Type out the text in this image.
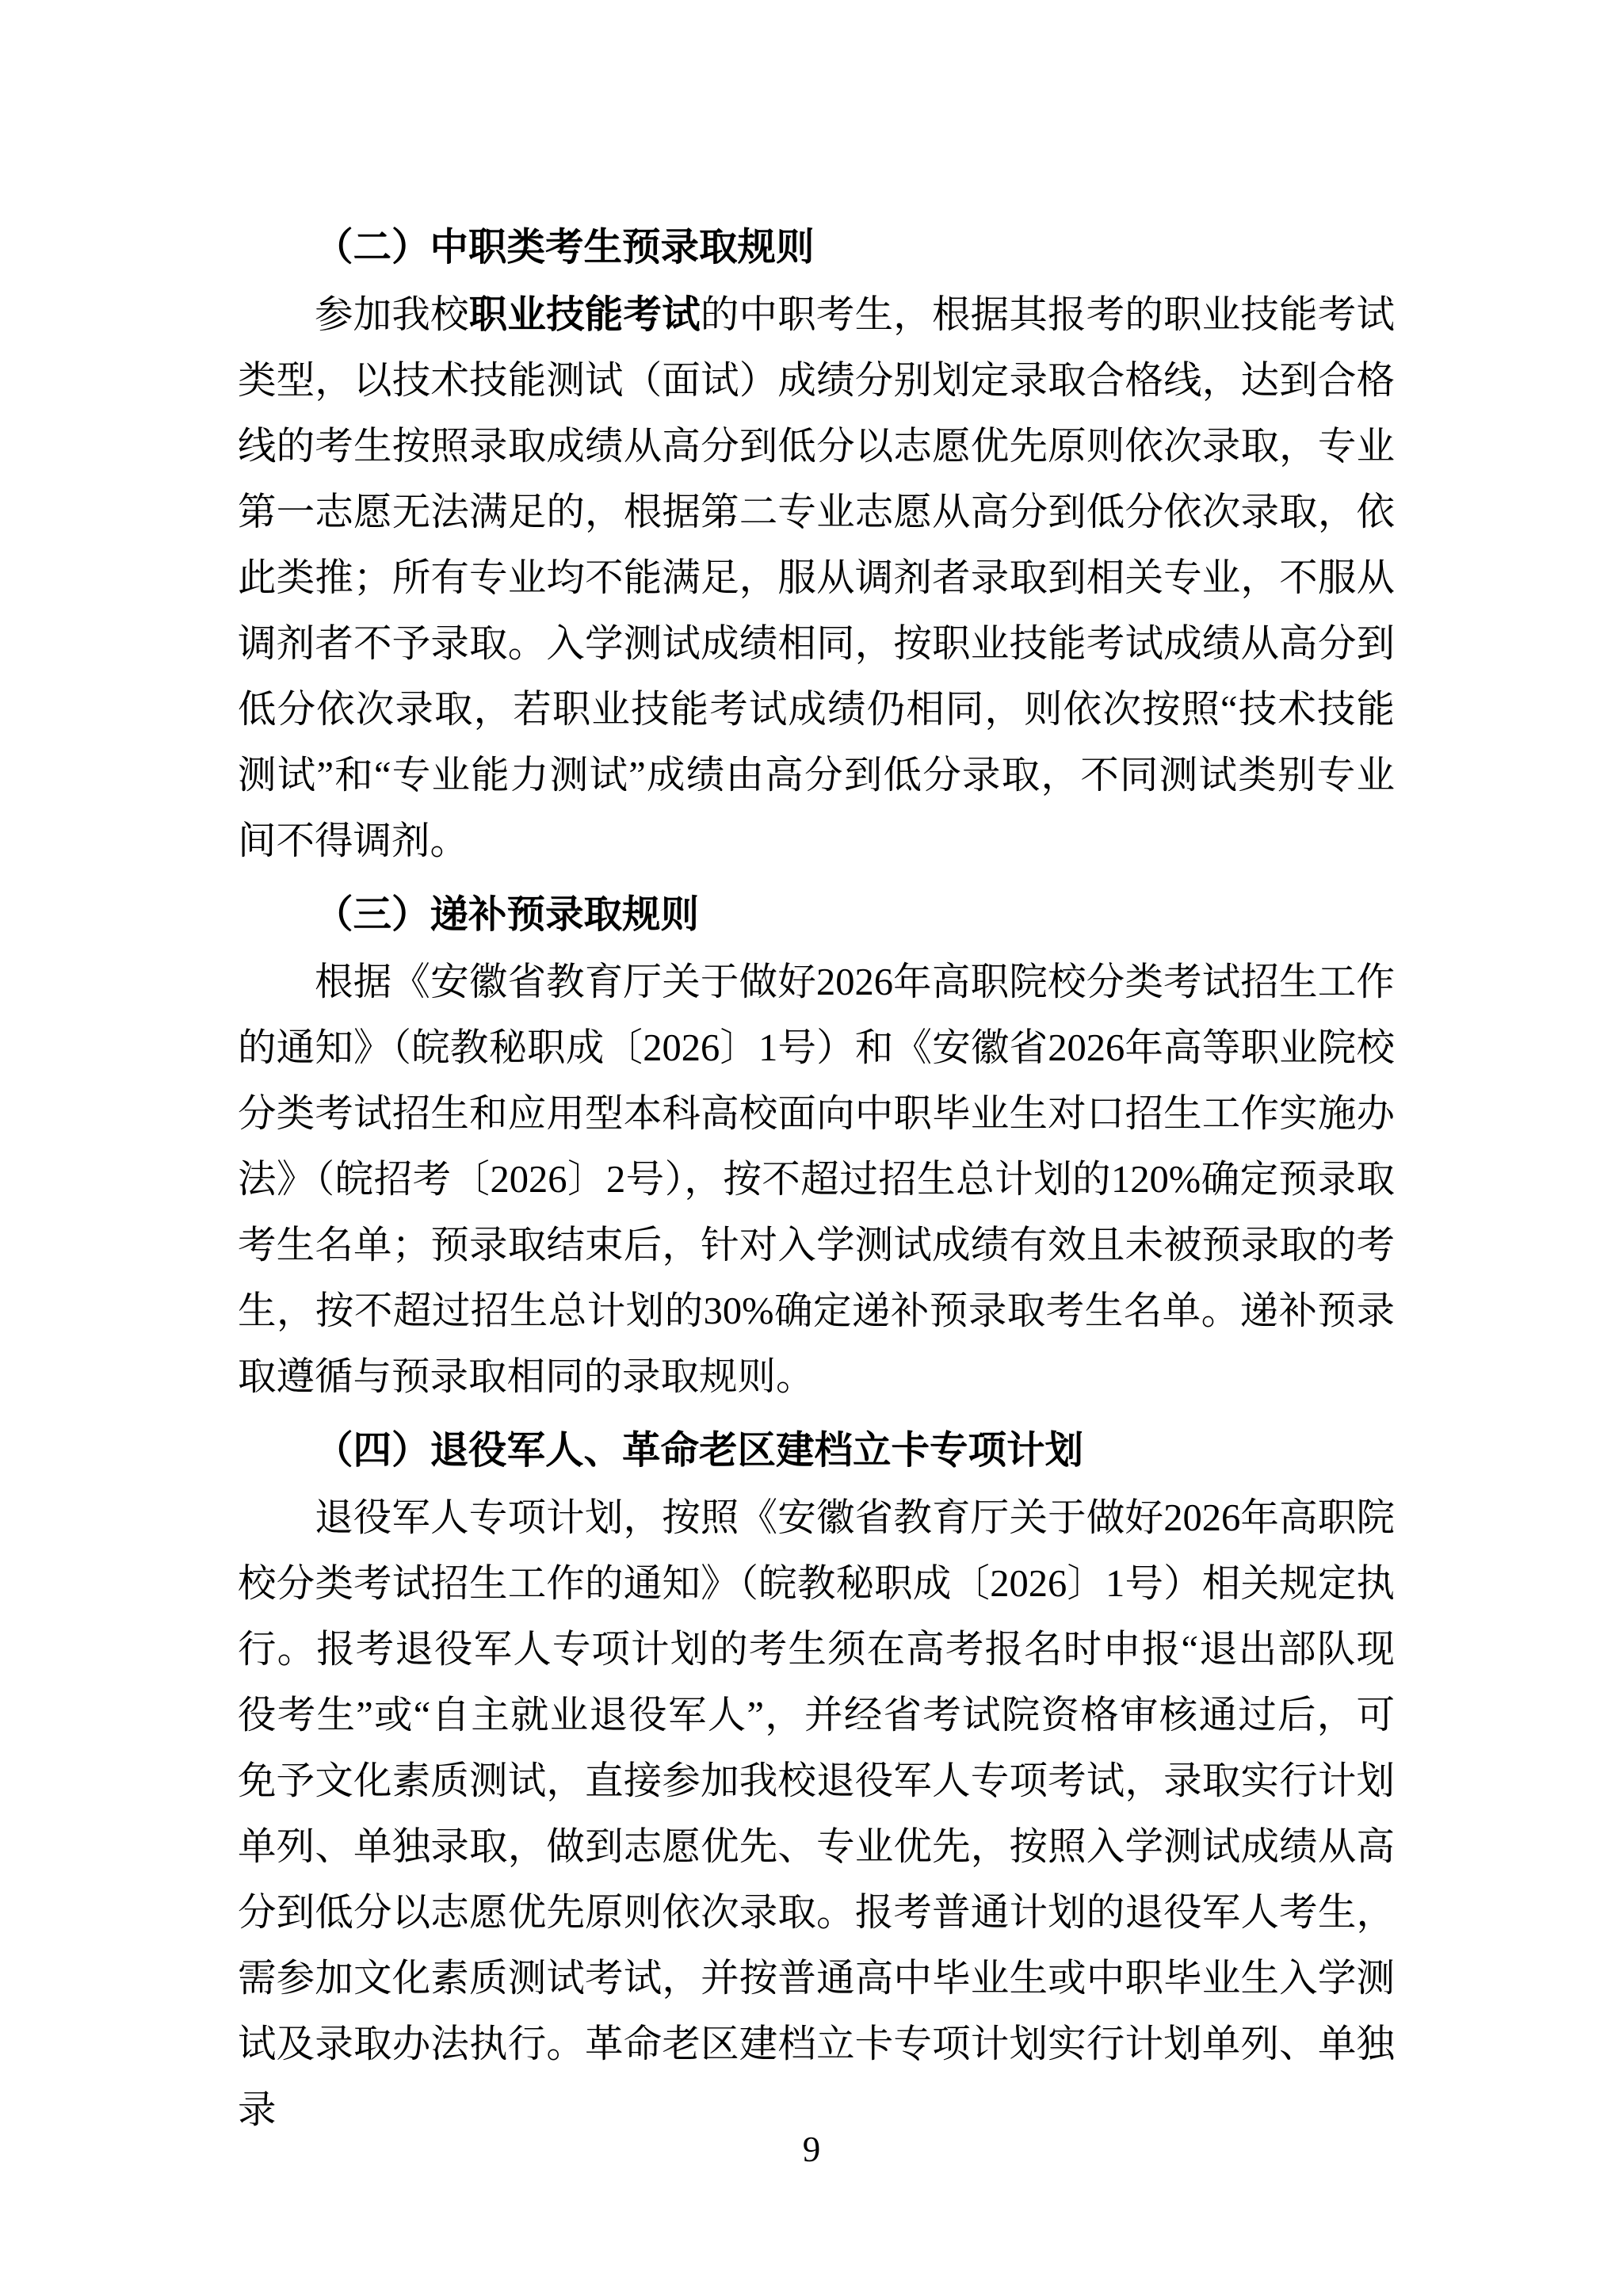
（二）中职类考生预录取规则

参加我校职业技能考试的中职考生，根据其报考的职业技能考试类型，以技术技能测试（面试）成绩分别划定录取合格线，达到合格线的考生按照录取成绩从高分到低分以志愿优先原则依次录取，专业第一志愿无法满足的，根据第二专业志愿从高分到低分依次录取，依此类推；所有专业均不能满足，服从调剂者录取到相关专业，不服从调剂者不予录取。入学测试成绩相同，按职业技能考试成绩从高分到低分依次录取，若职业技能考试成绩仍相同，则依次按照“技术技能测试”和“专业能力测试”成绩由高分到低分录取，不同测试类别专业间不得调剂。

（三）递补预录取规则

根据《安徽省教育厅关于做好2026年高职院校分类考试招生工作的通知》（皖教秘职成〔2026〕1号）和《安徽省2026年高等职业院校分类考试招生和应用型本科高校面向中职毕业生对口招生工作实施办法》（皖招考〔2026〕2号），按不超过招生总计划的120%确定预录取考生名单；预录取结束后，针对入学测试成绩有效且未被预录取的考生，按不超过招生总计划的30%确定递补预录取考生名单。递补预录取遵循与预录取相同的录取规则。

（四）退役军人、革命老区建档立卡专项计划

退役军人专项计划，按照《安徽省教育厅关于做好2026年高职院校分类考试招生工作的通知》（皖教秘职成〔2026〕1号）相关规定执行。报考退役军人专项计划的考生须在高考报名时申报“退出部队现役考生”或“自主就业退役军人”，并经省考试院资格审核通过后，可免予文化素质测试，直接参加我校退役军人专项考试，录取实行计划单列、单独录取，做到志愿优先、专业优先，按照入学测试成绩从高分到低分以志愿优先原则依次录取。报考普通计划的退役军人考生，需参加文化素质测试考试，并按普通高中毕业生或中职毕业生入学测试及录取办法执行。革命老区建档立卡专项计划实行计划单列、单独录

9
